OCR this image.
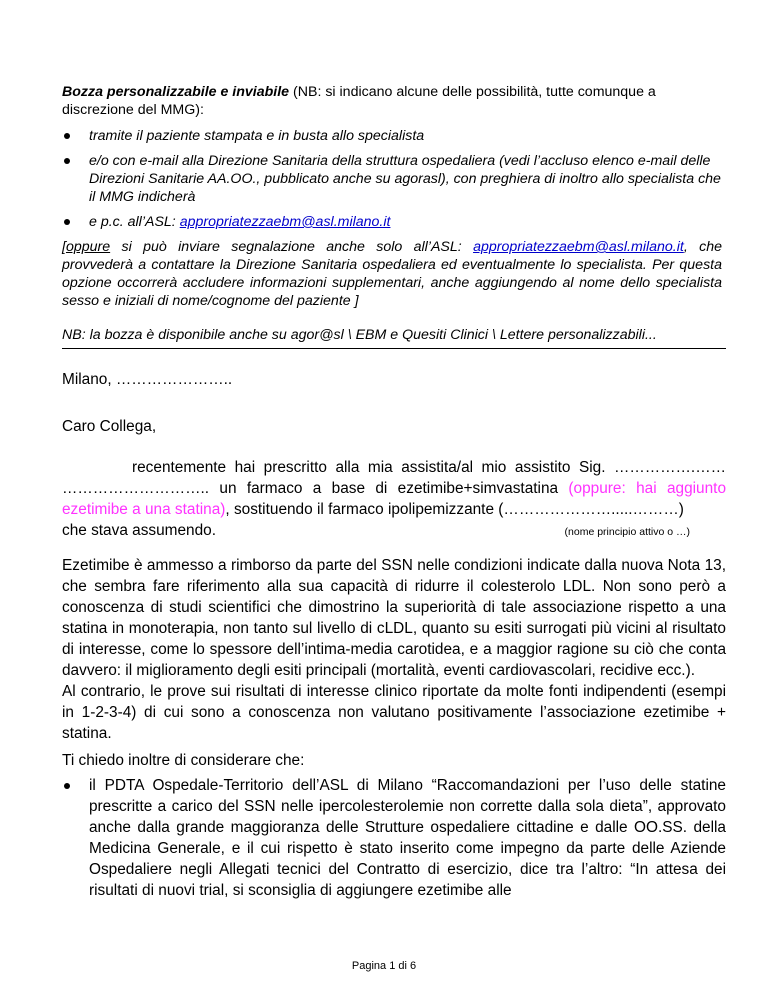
Bozza personalizzabile e inviabile (NB: si indicano alcune delle possibilità, tutte comunque a discrezione del MMG):

tramite il paziente stampata e in busta allo specialista
e/o con e-mail alla Direzione Sanitaria della struttura ospedaliera (vedi l’accluso elenco e-mail delle Direzioni Sanitarie AA.OO., pubblicato anche su agorasl), con preghiera di inoltro allo specialista che il MMG indicherà
e p.c. all’ASL: appropriatezzaebm@asl.milano.it

[oppure si può inviare segnalazione anche solo all’ASL: appropriatezzaebm@asl.milano.it, che provvederà a contattare la Direzione Sanitaria ospedaliera ed eventualmente lo specialista. Per questa opzione occorrerà accludere informazioni supplementari, anche aggiungendo al nome dello specialista sesso e iniziali di nome/cognome del paziente ]

NB: la bozza è disponibile anche su agor@sl \ EBM e Quesiti Clinici \ Lettere personalizzabili...

Milano, …………………..

Caro Collega,

recentemente hai prescritto alla mia assistita/al mio assistito Sig. …………….…… ……………………….. un farmaco a base di ezetimibe+simvastatina (oppure: hai aggiunto ezetimibe a una statina), sostituendo il farmaco ipolipemizzante (………………….....………)
che stava assumendo.	(nome principio attivo o …)

Ezetimibe è ammesso a rimborso da parte del SSN nelle condizioni indicate dalla nuova Nota 13, che sembra fare riferimento alla sua capacità di ridurre il colesterolo LDL. Non sono però a conoscenza di studi scientifici che dimostrino la superiorità di tale associazione rispetto a una statina in monoterapia, non tanto sul livello di cLDL, quanto su esiti surrogati più vicini al risultato di interesse, come lo spessore dell’intima-media carotidea, e a maggior ragione su ciò che conta davvero: il miglioramento degli esiti principali (mortalità, eventi cardiovascolari, recidive ecc.).

Al contrario, le prove sui risultati di interesse clinico riportate da molte fonti indipendenti (esempi in 1-2-3-4) di cui sono a conoscenza non valutano positivamente l’associazione ezetimibe + statina.

Ti chiedo inoltre di considerare che:

il PDTA Ospedale-Territorio dell’ASL di Milano “Raccomandazioni per l’uso delle statine prescritte a carico del SSN nelle ipercolesterolemie non corrette dalla sola dieta”, approvato anche dalla grande maggioranza delle Strutture ospedaliere cittadine e dalle OO.SS. della Medicina Generale, e il cui rispetto è stato inserito come impegno da parte delle Aziende Ospedaliere negli Allegati tecnici del Contratto di esercizio, dice tra l’altro: “In attesa dei risultati di nuovi trial, si sconsiglia di aggiungere ezetimibe alle
Pagina 1 di 6
